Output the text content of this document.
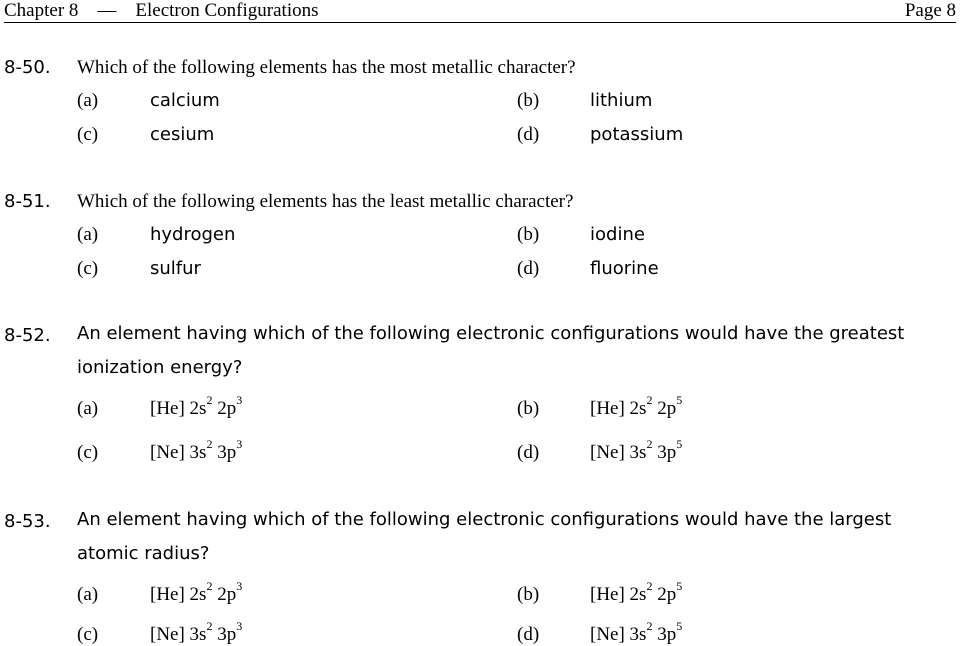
Chapter 8 — Electron Configurations	Page 8
8-50. Which of the following elements has the most metallic character?
(a)	calcium	(b)	lithium
(c)	cesium	(d)	potassium
8-51. Which of the following elements has the least metallic character?
(a)	hydrogen	(b)	iodine
(c)	sulfur	(d)	fluorine
8-52. An element having which of the following electronic configurations would have the greatest ionization energy?
(a)	[He] $2s^2$ $2p^3$	(b)	[He] $2s^2$ $2p^5$
(c)	[Ne] $3s^2$ $3p^3$	(d)	[Ne] $3s^2$ $3p^5$
8-53. An element having which of the following electronic configurations would have the largest atomic radius?
(a)	[He] $2s^2$ $2p^3$	(b)	[He] $2s^2$ $2p^5$
(c)	[Ne] $3s^2$ $3p^3$	(d)	[Ne] $3s^2$ $3p^5$
